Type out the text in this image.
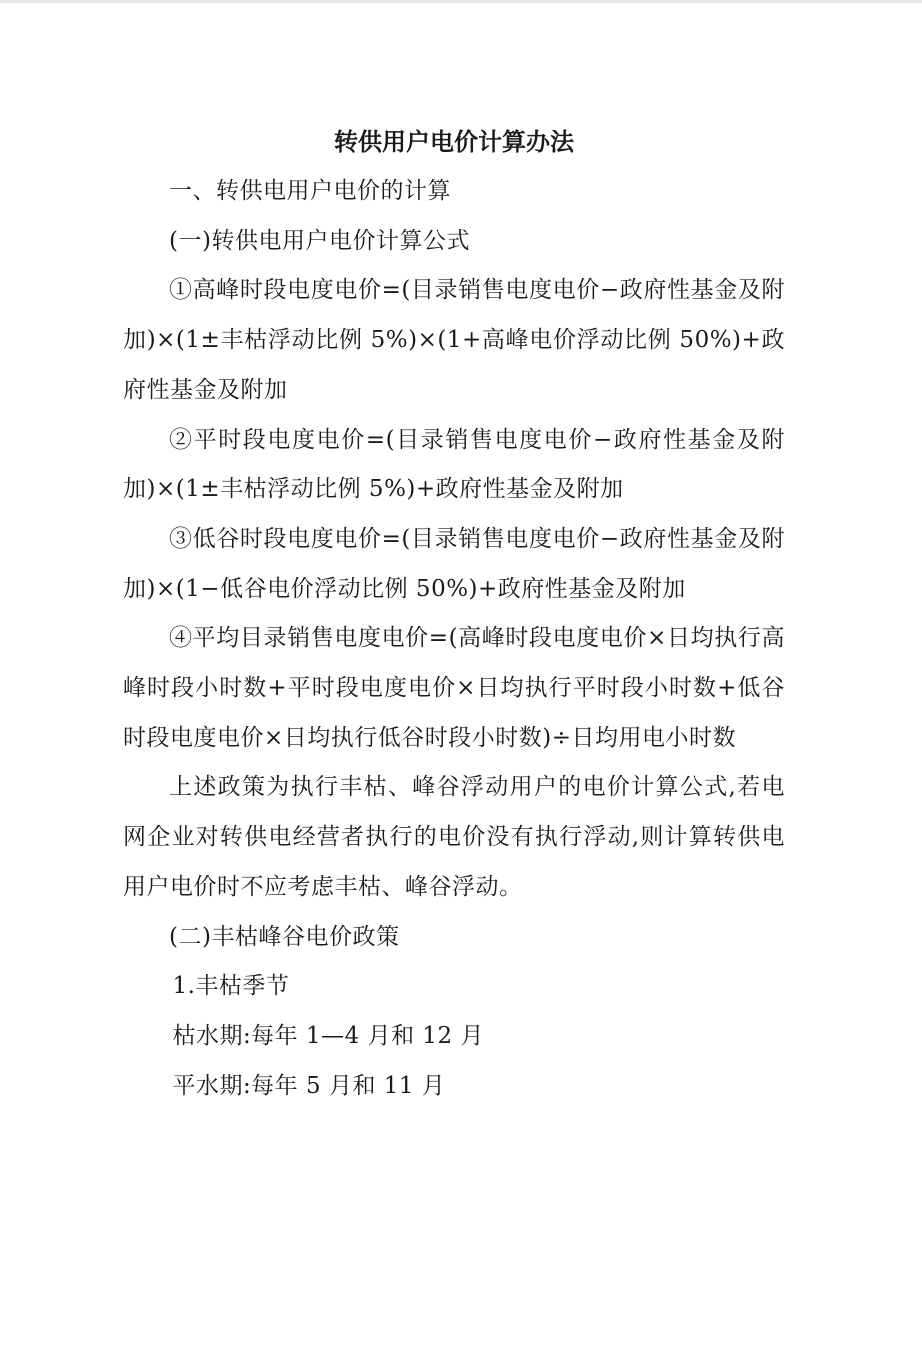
转供用户电价计算办法

一、转供电用户电价的计算

(一)转供电用户电价计算公式

①高峰时段电度电价=(目录销售电度电价−政府性基金及附加)×(1±丰枯浮动比例 5%)×(1+高峰电价浮动比例 50%)+政府性基金及附加

②平时段电度电价=(目录销售电度电价−政府性基金及附加)×(1±丰枯浮动比例 5%)+政府性基金及附加

③低谷时段电度电价=(目录销售电度电价−政府性基金及附加)×(1−低谷电价浮动比例 50%)+政府性基金及附加

④平均目录销售电度电价=(高峰时段电度电价×日均执行高峰时段小时数+平时段电度电价×日均执行平时段小时数+低谷时段电度电价×日均执行低谷时段小时数)÷日均用电小时数

上述政策为执行丰枯、峰谷浮动用户的电价计算公式,若电网企业对转供电经营者执行的电价没有执行浮动,则计算转供电用户电价时不应考虑丰枯、峰谷浮动。

(二)丰枯峰谷电价政策

1.丰枯季节

枯水期:每年 1—4 月和 12 月

平水期:每年 5 月和 11 月
